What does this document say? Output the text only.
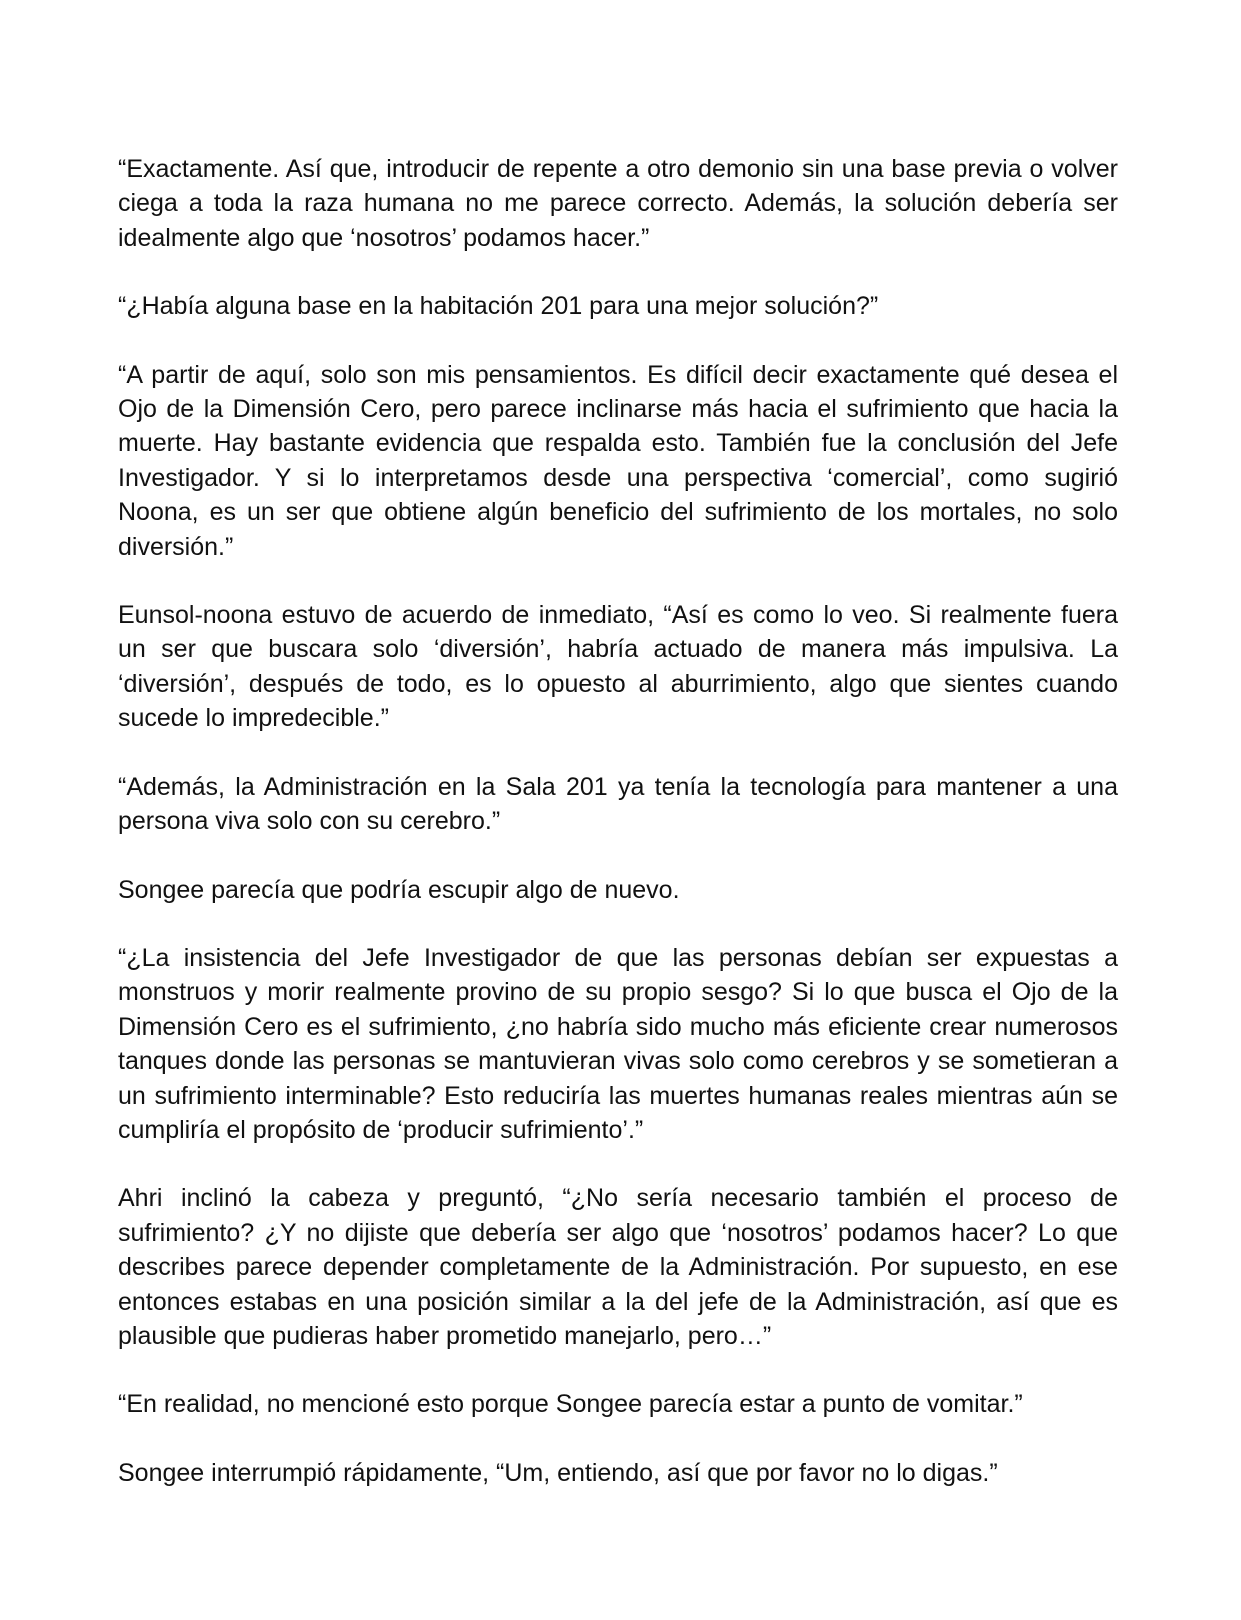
“Exactamente. Así que, introducir de repente a otro demonio sin una base previa o volver ciega a toda la raza humana no me parece correcto. Además, la solución debería ser idealmente algo que ‘nosotros’ podamos hacer.”

“¿Había alguna base en la habitación 201 para una mejor solución?”

“A partir de aquí, solo son mis pensamientos. Es difícil decir exactamente qué desea el Ojo de la Dimensión Cero, pero parece inclinarse más hacia el sufrimiento que hacia la muerte. Hay bastante evidencia que respalda esto. También fue la conclusión del Jefe Investigador. Y si lo interpretamos desde una perspectiva ‘comercial’, como sugirió Noona, es un ser que obtiene algún beneficio del sufrimiento de los mortales, no solo diversión.”

Eunsol-noona estuvo de acuerdo de inmediato, “Así es como lo veo. Si realmente fuera un ser que buscara solo ‘diversión’, habría actuado de manera más impulsiva. La ‘diversión’, después de todo, es lo opuesto al aburrimiento, algo que sientes cuando sucede lo impredecible.”

“Además, la Administración en la Sala 201 ya tenía la tecnología para mantener a una persona viva solo con su cerebro.”

Songee parecía que podría escupir algo de nuevo.

“¿La insistencia del Jefe Investigador de que las personas debían ser expuestas a monstruos y morir realmente provino de su propio sesgo? Si lo que busca el Ojo de la Dimensión Cero es el sufrimiento, ¿no habría sido mucho más eficiente crear numerosos tanques donde las personas se mantuvieran vivas solo como cerebros y se sometieran a un sufrimiento interminable? Esto reduciría las muertes humanas reales mientras aún se cumpliría el propósito de ‘producir sufrimiento’.”

Ahri inclinó la cabeza y preguntó, “¿No sería necesario también el proceso de sufrimiento? ¿Y no dijiste que debería ser algo que ‘nosotros’ podamos hacer? Lo que describes parece depender completamente de la Administración. Por supuesto, en ese entonces estabas en una posición similar a la del jefe de la Administración, así que es plausible que pudieras haber prometido manejarlo, pero…”

“En realidad, no mencioné esto porque Songee parecía estar a punto de vomitar.”

Songee interrumpió rápidamente, “Um, entiendo, así que por favor no lo digas.”
